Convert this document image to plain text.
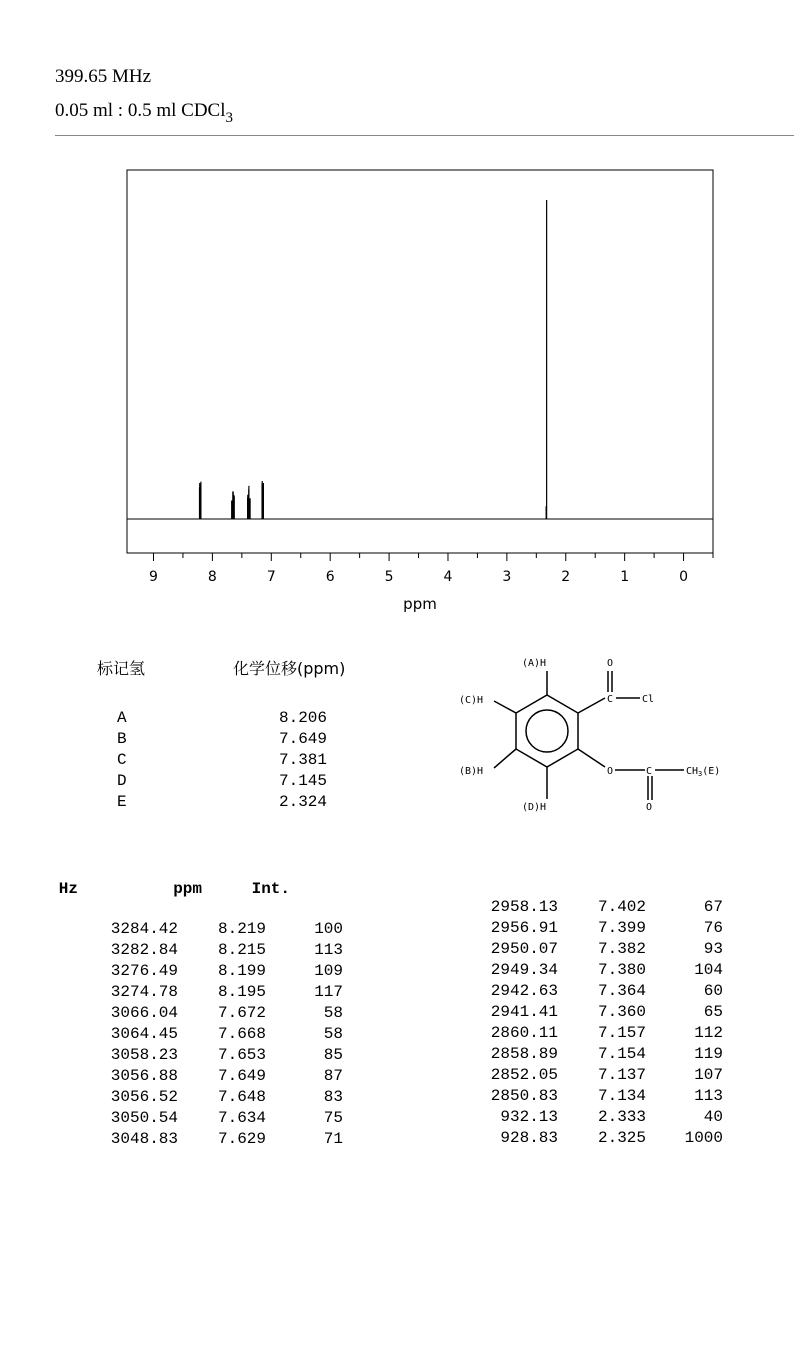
399.65 MHz
0.05 ml : 0.5 ml CDCl$_3$
9	8	7	6	5	4	3	2	1	0
ppm
标记氢	化学位移(ppm)
A	8.206
B	7.649
C	7.381
D	7.145
E	2.324
(A)H
(C)H
(B)H
(D)H
O
C	Cl
O	C
O
$CH_3(E)$
Hz	ppm	Int.
3284.42 8.219	100
3282.84 8.215	113
3276.49 8.199	109
3274.78 8.195	117
3066.04 7.672	58
3064.45 7.668	58
3058.23 7.653	85
3056.88 7.649	87
3056.52 7.648	83
3050.54 7.634	75
3048.83 7.629	71
2958.13 7.402	67
2956.91 7.399	76
2950.07 7.382	93
2949.34 7.380	104
2942.63 7.364	60
2941.41 7.360	65
2860.11 7.157	112
2858.89 7.154	119
2852.05 7.137	107
2850.83 7.134	113
932.13 2.333	40
928.83 2.325 1000
